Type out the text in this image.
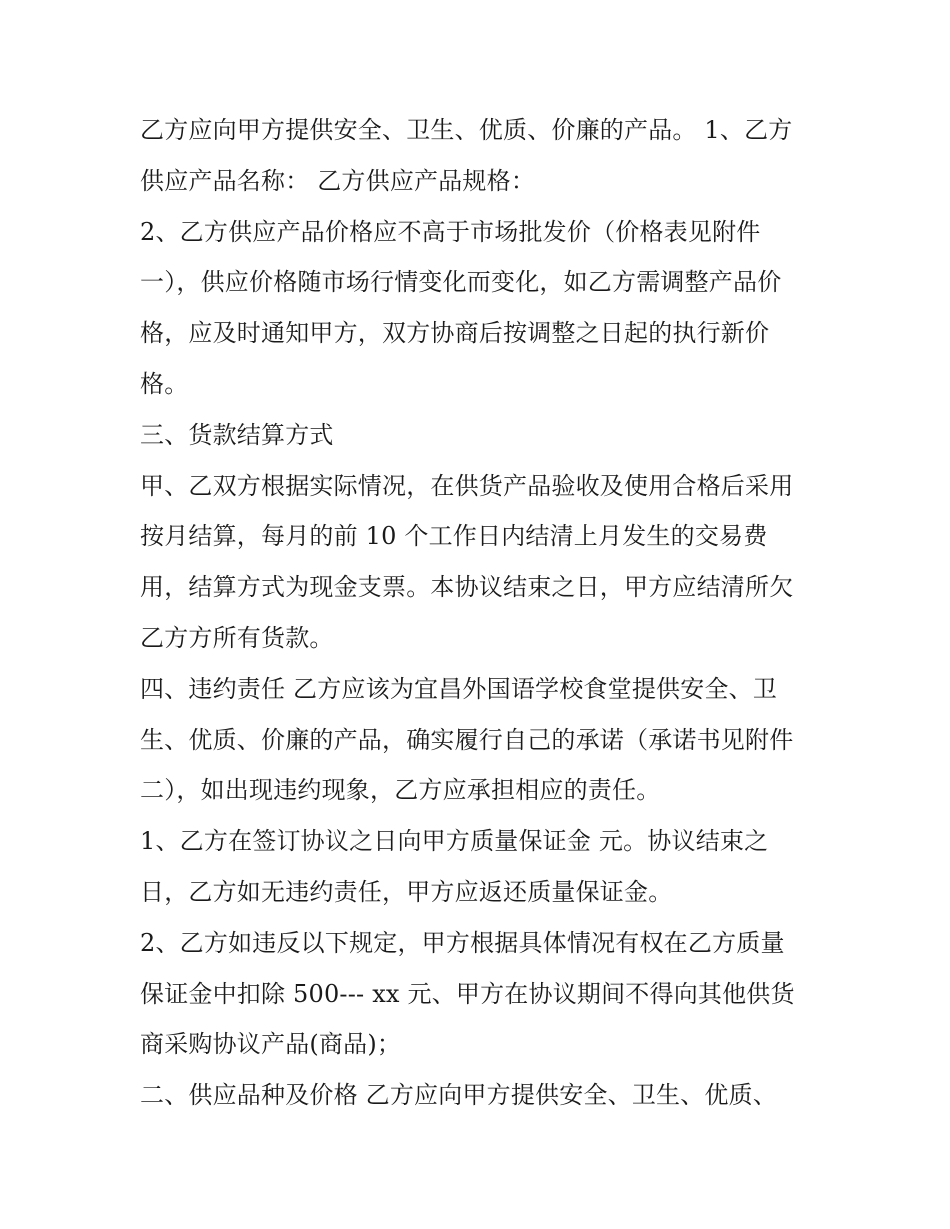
乙方应向甲方提供安全、卫生、优质、价廉的产品。 1、乙方
供应产品名称： 乙方供应产品规格：
2、乙方供应产品价格应不高于市场批发价（价格表见附件
一），供应价格随市场行情变化而变化，如乙方需调整产品价
格，应及时通知甲方，双方协商后按调整之日起的执行新价
格。
三、货款结算方式
甲、乙双方根据实际情况，在供货产品验收及使用合格后采用
按月结算，每月的前 10 个工作日内结清上月发生的交易费
用，结算方式为现金支票。本协议结束之日，甲方应结清所欠
乙方方所有货款。
四、违约责任 乙方应该为宜昌外国语学校食堂提供安全、卫
生、优质、价廉的产品，确实履行自己的承诺（承诺书见附件
二），如出现违约现象，乙方应承担相应的责任。
1、乙方在签订协议之日向甲方质量保证金 元。协议结束之
日，乙方如无违约责任，甲方应返还质量保证金。
2、乙方如违反以下规定，甲方根据具体情况有权在乙方质量
保证金中扣除 500--- xx 元、甲方在协议期间不得向其他供货
商采购协议产品(商品)；
二、供应品种及价格 乙方应向甲方提供安全、卫生、优质、
